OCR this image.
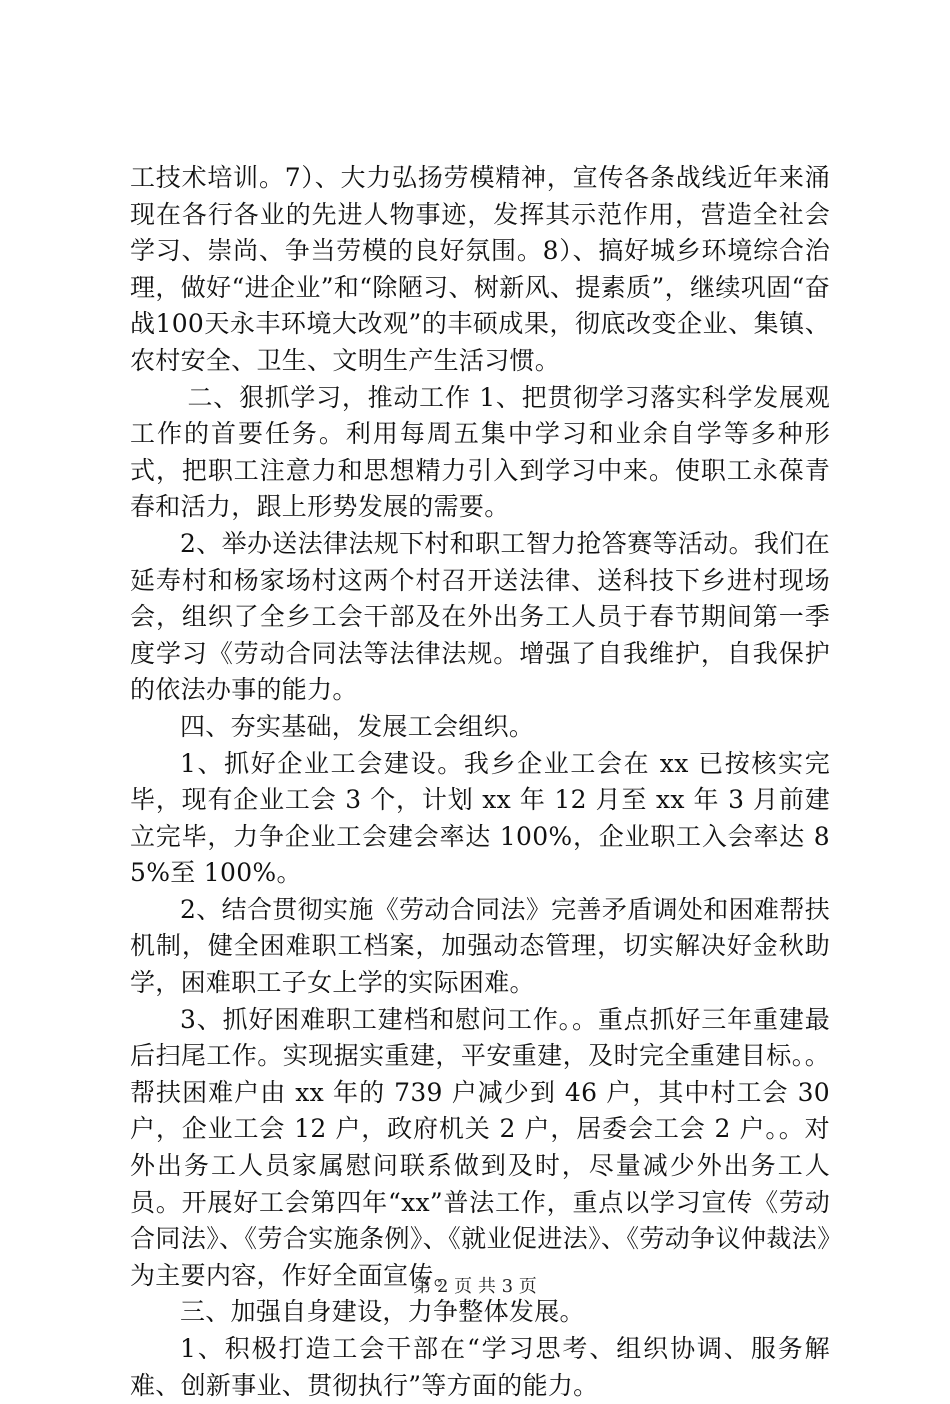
工技术培训。7）、大力弘扬劳模精神，宣传各条战线近年来涌现在各行各业的先进人物事迹，发挥其示范作用，营造全社会学习、崇尚、争当劳模的良好氛围。8）、搞好城乡环境综合治理，做好“进企业”和“除陋习、树新风、提素质”，继续巩固“奋战100天永丰环境大改观”的丰硕成果，彻底改变企业、集镇、农村安全、卫生、文明生产生活习惯。

二、狠抓学习，推动工作 1、把贯彻学习落实科学发展观工作的首要任务。利用每周五集中学习和业余自学等多种形式，把职工注意力和思想精力引入到学习中来。使职工永葆青春和活力，跟上形势发展的需要。

2、举办送法律法规下村和职工智力抢答赛等活动。我们在延寿村和杨家场村这两个村召开送法律、送科技下乡进村现场会，组织了全乡工会干部及在外出务工人员于春节期间第一季度学习《劳动合同法等法律法规。增强了自我维护，自我保护的依法办事的能力。

四、夯实基础，发展工会组织。

1、抓好企业工会建设。我乡企业工会在 xx 已按核实完毕，现有企业工会 3 个，计划 xx 年 12 月至 xx 年 3 月前建立完毕，力争企业工会建会率达 100%，企业职工入会率达 85%至 100%。

2、结合贯彻实施《劳动合同法》完善矛盾调处和困难帮扶机制，健全困难职工档案，加强动态管理，切实解决好金秋助学，困难职工子女上学的实际困难。

3、抓好困难职工建档和慰问工作。。重点抓好三年重建最后扫尾工作。实现据实重建，平安重建，及时完全重建目标。。帮扶困难户由 xx 年的 739 户减少到 46 户，其中村工会 30 户，企业工会 12 户，政府机关 2 户，居委会工会 2 户。。对外出务工人员家属慰问联系做到及时，尽量减少外出务工人员。开展好工会第四年“xx”普法工作，重点以学习宣传《劳动合同法》、《劳合实施条例》、《就业促进法》、《劳动争议仲裁法》为主要内容，作好全面宣传。

三、加强自身建设，力争整体发展。

1、积极打造工会干部在“学习思考、组织协调、服务解难、创新事业、贯彻执行”等方面的能力。

第 2 页 共 3 页
